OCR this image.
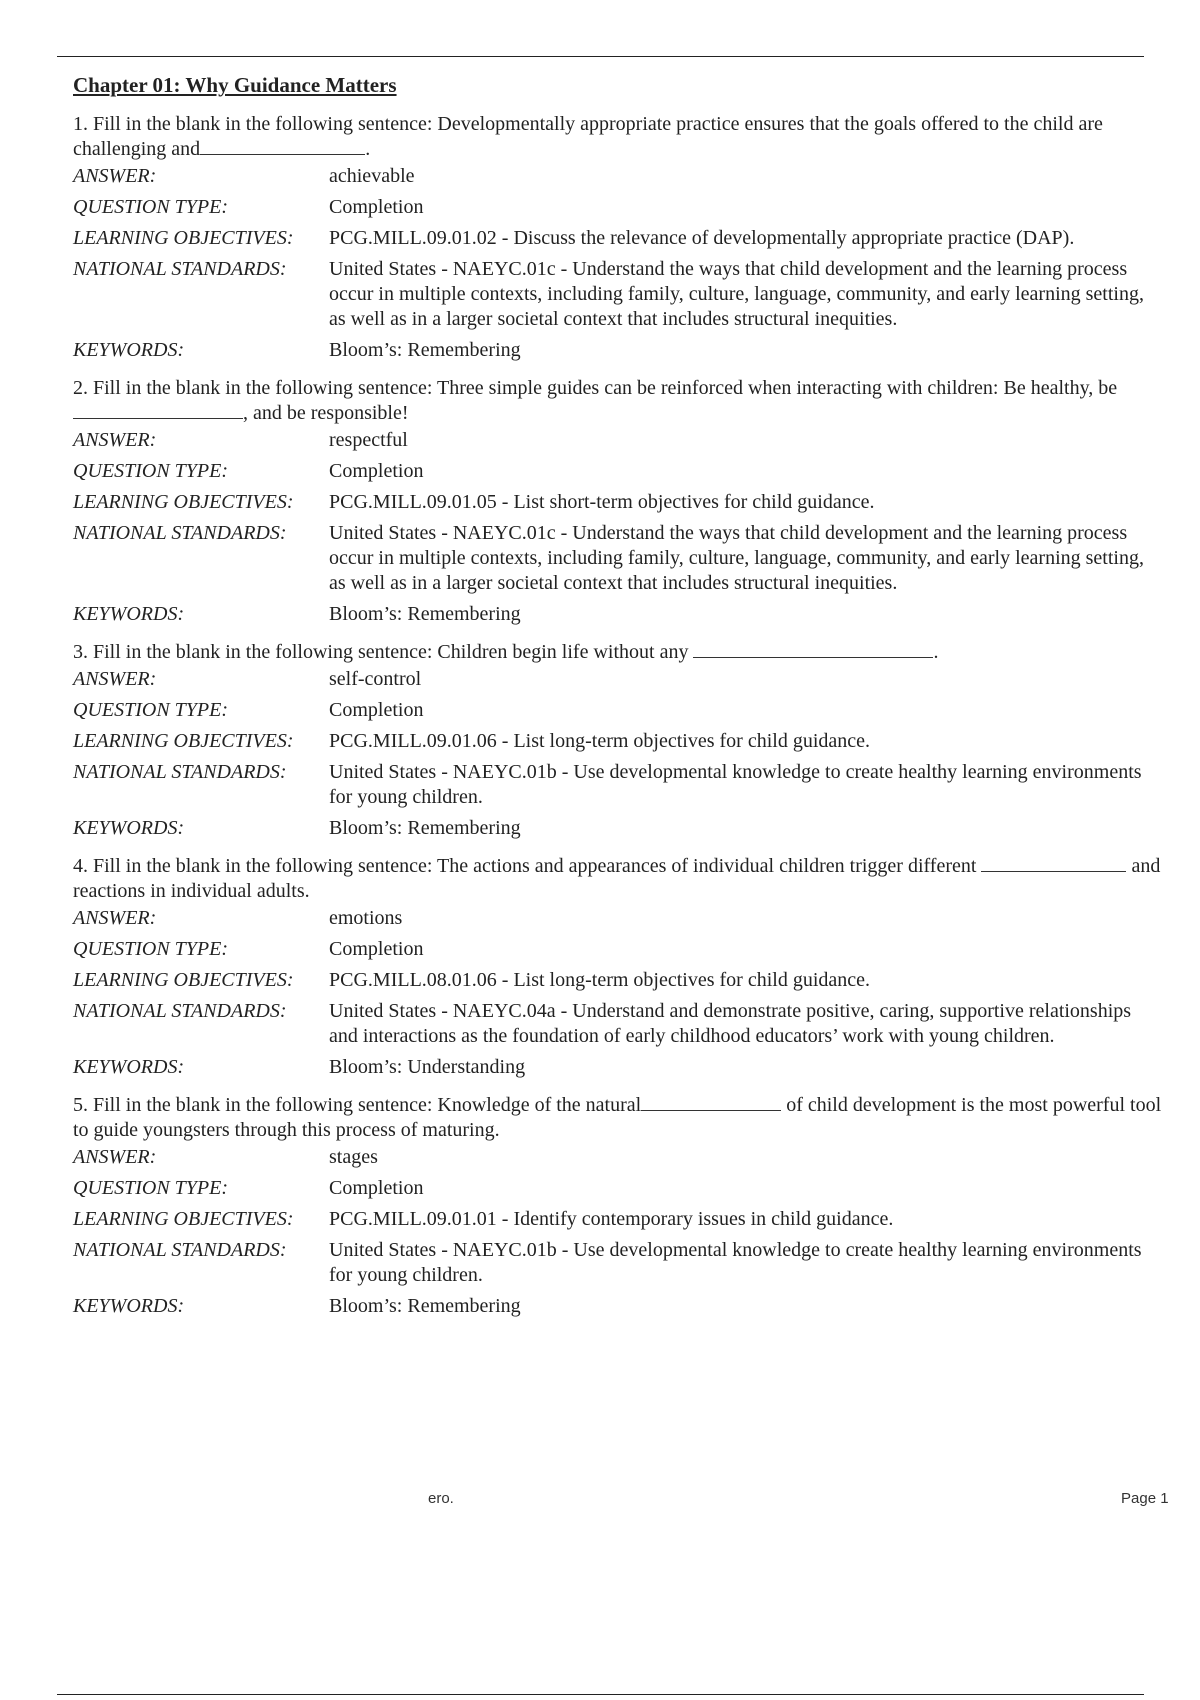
Chapter 01: Why Guidance Matters

1. Fill in the blank in the following sentence: Developmentally appropriate practice ensures that the goals offered to the child are challenging and	.

ANSWER:	achievable
QUESTION TYPE:	Completion
LEARNING OBJECTIVES:	PCG.MILL.09.01.02 - Discuss the relevance of developmentally appropriate practice (DAP).
NATIONAL STANDARDS:	United States - NAEYC.01c - Understand the ways that child development and the learning process occur in multiple contexts, including family, culture, language, community, and early learning setting, as well as in a larger societal context that includes structural inequities.
KEYWORDS:	Bloom’s: Remembering

2. Fill in the blank in the following sentence: Three simple guides can be reinforced when interacting with children: Be healthy, be, and be responsible!

ANSWER:	respectful
QUESTION TYPE:	Completion
LEARNING OBJECTIVES:	PCG.MILL.09.01.05 - List short-term objectives for child guidance.
NATIONAL STANDARDS:	United States - NAEYC.01c - Understand the ways that child development and the learning process occur in multiple contexts, including family, culture, language, community, and early learning setting, as well as in a larger societal context that includes structural inequities.
KEYWORDS:	Bloom’s: Remembering

3. Fill in the blank in the following sentence: Children begin life without any	.

ANSWER:	self-control
QUESTION TYPE:	Completion
LEARNING OBJECTIVES:	PCG.MILL.09.01.06 - List long-term objectives for child guidance.
NATIONAL STANDARDS:	United States - NAEYC.01b - Use developmental knowledge to create healthy learning environments for young children.
KEYWORDS:	Bloom’s: Remembering

4. Fill in the blank in the following sentence: The actions and appearances of individual children trigger different	and reactions in individual adults.

ANSWER:	emotions
QUESTION TYPE:	Completion
LEARNING OBJECTIVES:	PCG.MILL.08.01.06 - List long-term objectives for child guidance.
NATIONAL STANDARDS:	United States - NAEYC.04a - Understand and demonstrate positive, caring, supportive relationships and interactions as the foundation of early childhood educators’ work with young children.
KEYWORDS:	Bloom’s: Understanding

5. Fill in the blank in the following sentence: Knowledge of the natural	of child development is the most powerful tool to guide youngsters through this process of maturing.

ANSWER:	stages
QUESTION TYPE:	Completion
LEARNING OBJECTIVES:	PCG.MILL.09.01.01 - Identify contemporary issues in child guidance.
NATIONAL STANDARDS:	United States - NAEYC.01b - Use developmental knowledge to create healthy learning environments for young children.
KEYWORDS:	Bloom’s: Remembering
ero.	Page 1
